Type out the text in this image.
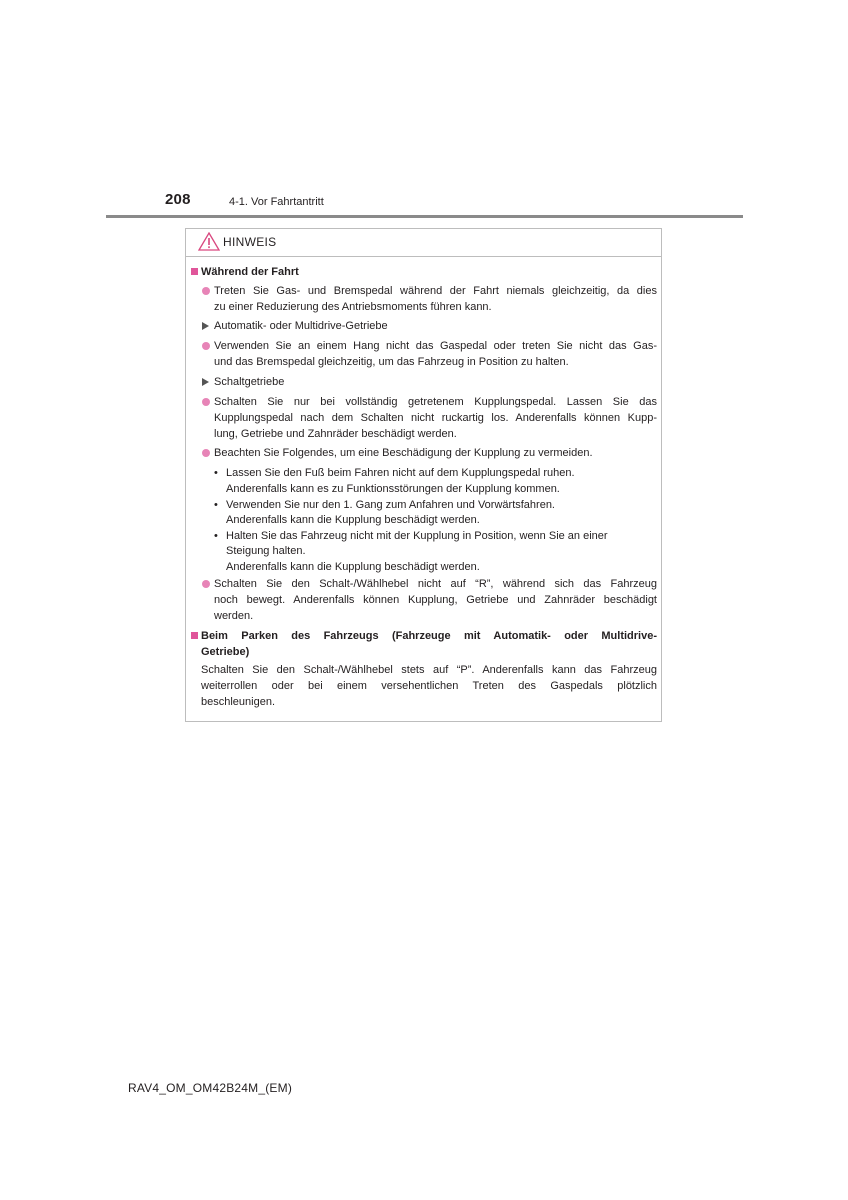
208	4-1. Vor Fahrtantritt
HINWEIS
Während der Fahrt
Treten Sie Gas- und Bremspedal während der Fahrt niemals gleichzeitig, da dies
zu einer Reduzierung des Antriebsmoments führen kann.
Automatik- oder Multidrive-Getriebe
Verwenden Sie an einem Hang nicht das Gaspedal oder treten Sie nicht das Gas-
und das Bremspedal gleichzeitig, um das Fahrzeug in Position zu halten.
Schaltgetriebe
Schalten Sie nur bei vollständig getretenem Kupplungspedal. Lassen Sie das
Kupplungspedal nach dem Schalten nicht ruckartig los. Anderenfalls können Kupp-
lung, Getriebe und Zahnräder beschädigt werden.
Beachten Sie Folgendes, um eine Beschädigung der Kupplung zu vermeiden.
• Lassen Sie den Fuß beim Fahren nicht auf dem Kupplungspedal ruhen.
Anderenfalls kann es zu Funktionsstörungen der Kupplung kommen.
• Verwenden Sie nur den 1. Gang zum Anfahren und Vorwärtsfahren.
Anderenfalls kann die Kupplung beschädigt werden.
• Halten Sie das Fahrzeug nicht mit der Kupplung in Position, wenn Sie an einer
Steigung halten.
Anderenfalls kann die Kupplung beschädigt werden.
Schalten Sie den Schalt-/Wählhebel nicht auf “R”, während sich das Fahrzeug
noch bewegt. Anderenfalls können Kupplung, Getriebe und Zahnräder beschädigt
werden.
Beim Parken des Fahrzeugs (Fahrzeuge mit Automatik- oder Multidrive-
Getriebe)
Schalten Sie den Schalt-/Wählhebel stets auf “P”. Anderenfalls kann das Fahrzeug
weiterrollen oder bei einem versehentlichen Treten des Gaspedals plötzlich
beschleunigen.
RAV4_OM_OM42B24M_(EM)
